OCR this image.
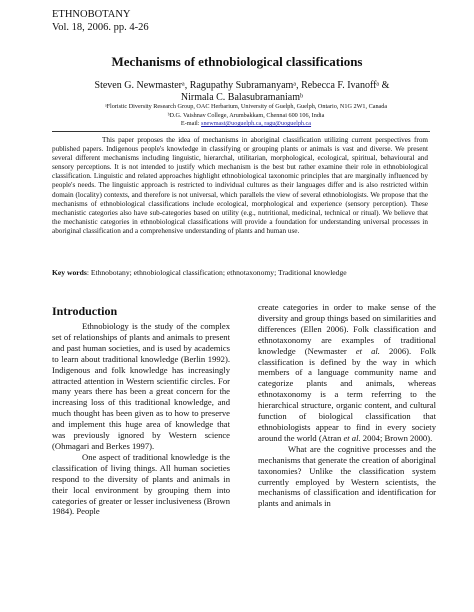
ETHNOBOTANY
Vol. 18, 2006. pp. 4-26
Mechanisms of ethnobiological classifications
Steven G. Newmasterᵃ, Ragupathy Subramanyamᵃ, Rebecca F. Ivanoffᵃ &
Nirmala C. Balasubramaniamᵇ
ᵃFloristic Diversity Research Group, OAC Herbarium, University of Guelph, Guelph, Ontario, N1G 2W1, Canada
ᵇD.G. Vaishnav College, Arumbakkam, Chennai 600 106, India
E-mail: snewmast@uoguelph.ca, ragu@uoguelph.ca

This paper proposes the idea of mechanisms in aboriginal classification utilizing current perspectives from published papers. Indigenous people's knowledge in classifying or grouping plants or animals is vast and diverse. We present several different mechanisms including linguistic, hierarchal, utilitarian, morphological, ecological, spiritual, behavioural and sensory perceptions. It is not intended to justify which mechanism is the best but rather examine their role in ethnobiological classification. Linguistic and related approaches highlight ethnobiological taxonomic principles that are marginally influenced by people's needs. The linguistic approach is restricted to individual cultures as their languages differ and is also restricted within domain (locality) contexts, and therefore is not universal, which parallels the view of several ethnobiologists. We propose that the mechanisms of ethnobiological classifications include ecological, morphological and experience (sensory perception). These mechanistic categories also have sub-categories based on utility (e.g., nutritional, medicinal, technical or ritual). We believe that the mechanistic categories in ethnobiological classifications will provide a foundation for understanding universal processes in aboriginal classification and a comprehensive understanding of plants and human use.

Key words: Ethnobotany; ethnobiological classification; ethnotaxonomy; Traditional knowledge
Introduction

Ethnobiology is the study of the complex set of relationships of plants and animals to present and past human societies, and is used by academics to learn about traditional knowledge (Berlin 1992). Indigenous and folk knowledge has increasingly attracted attention in Western scientific circles. For many years there has been a great concern for the increasing loss of this traditional knowledge, and much thought has been given as to how to preserve and implement this huge area of knowledge that was previously ignored by Western science (Ohmagari and Berkes 1997).

One aspect of traditional knowledge is the classification of living things. All human societies respond to the diversity of plants and animals in their local environment by grouping them into categories of greater or lesser inclusiveness (Brown 1984). People

create categories in order to make sense of the diversity and group things based on similarities and differences (Ellen 2006). Folk classification and ethnotaxonomy are examples of traditional knowledge (Newmaster et al. 2006). Folk classification is defined by the way in which members of a language community name and categorize plants and animals, whereas ethnotaxonomy is a term referring to the hierarchical structure, organic content, and cultural function of biological classification that ethnobiologists appear to find in every society around the world (Atran et al. 2004; Brown 2000).

What are the cognitive processes and the mechanisms that generate the creation of aboriginal taxonomies? Unlike the classification system currently employed by Western scientists, the mechanisms of classification and identification for plants and animals in
